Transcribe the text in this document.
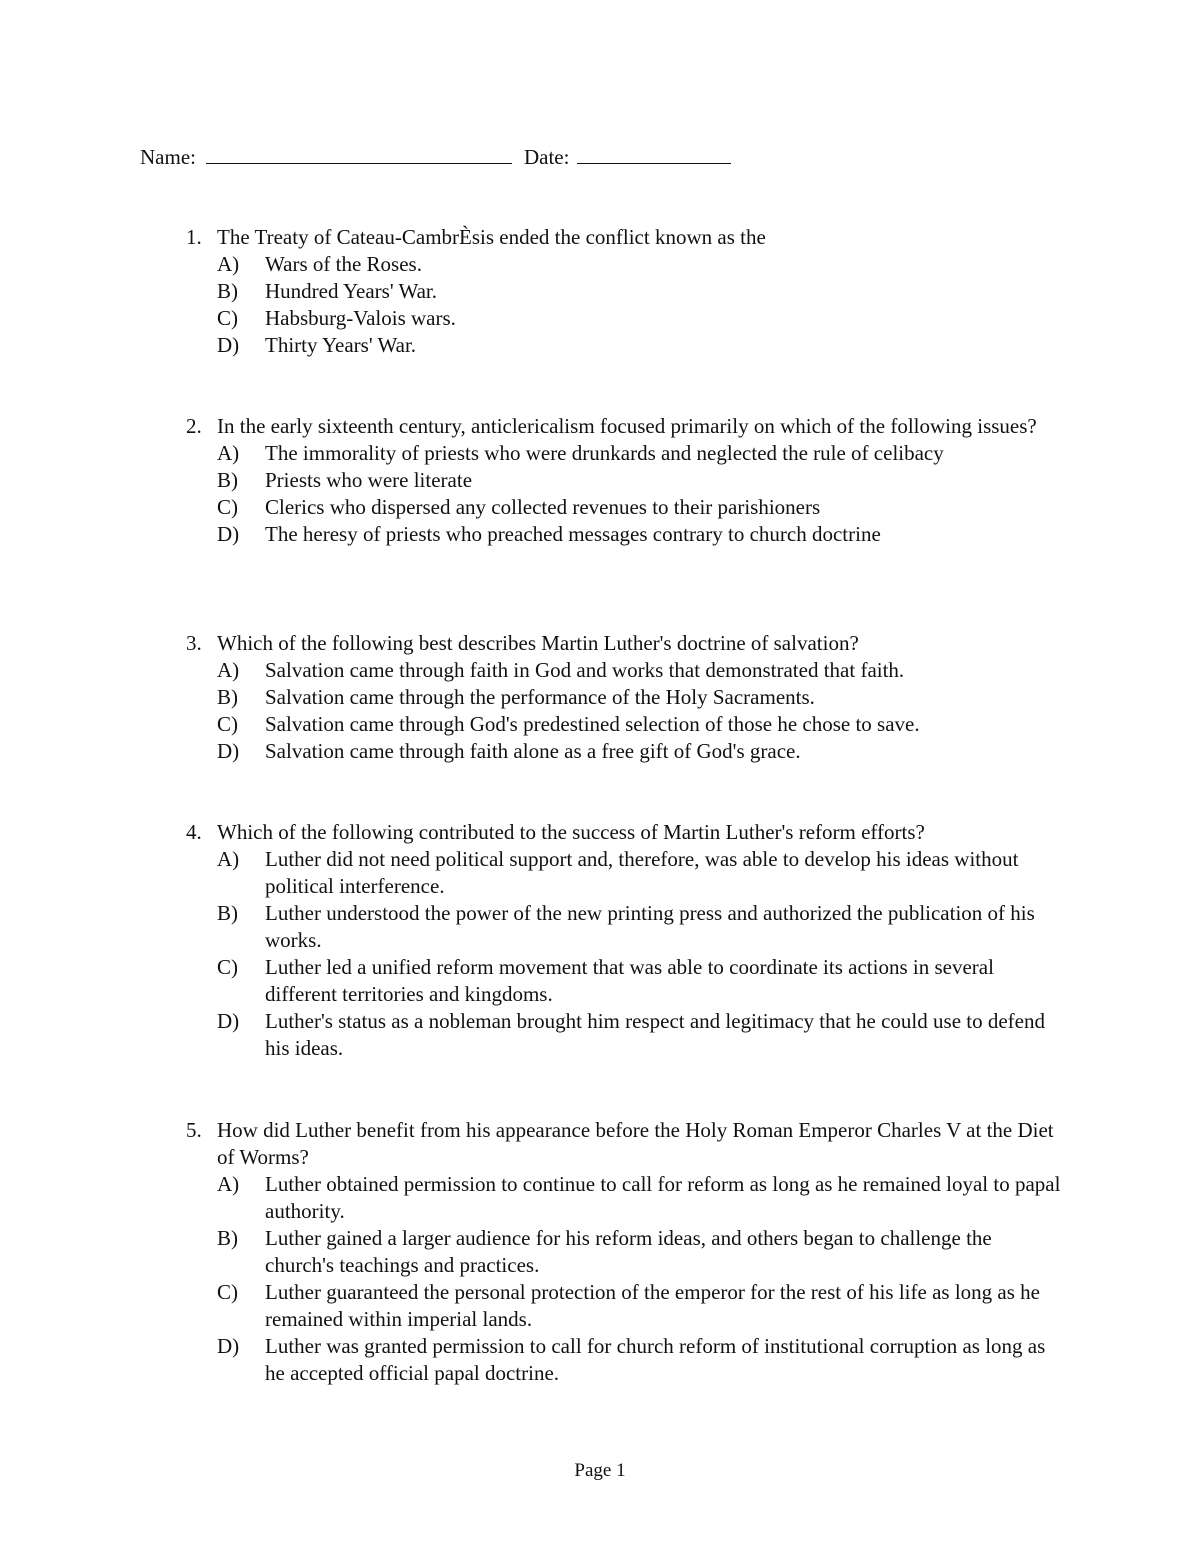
Name:	Date:
1. The Treaty of Cateau-CambrÈsis ended the conflict known as the
A) Wars of the Roses.
B) Hundred Years' War.
C) Habsburg-Valois wars.
D) Thirty Years' War.
2. In the early sixteenth century, anticlericalism focused primarily on which of the following issues?
A) The immorality of priests who were drunkards and neglected the rule of celibacy
B) Priests who were literate
C) Clerics who dispersed any collected revenues to their parishioners
D) The heresy of priests who preached messages contrary to church doctrine
3. Which of the following best describes Martin Luther's doctrine of salvation?
A) Salvation came through faith in God and works that demonstrated that faith.
B) Salvation came through the performance of the Holy Sacraments.
C) Salvation came through God's predestined selection of those he chose to save.
D) Salvation came through faith alone as a free gift of God's grace.
4. Which of the following contributed to the success of Martin Luther's reform efforts?
A) Luther did not need political support and, therefore, was able to develop his ideas without political interference.
B) Luther understood the power of the new printing press and authorized the publication of his works.
C) Luther led a unified reform movement that was able to coordinate its actions in several different territories and kingdoms.
D) Luther's status as a nobleman brought him respect and legitimacy that he could use to defend his ideas.
5. How did Luther benefit from his appearance before the Holy Roman Emperor Charles V at the Diet of Worms?
A) Luther obtained permission to continue to call for reform as long as he remained loyal to papal authority.
B) Luther gained a larger audience for his reform ideas, and others began to challenge the church's teachings and practices.
C) Luther guaranteed the personal protection of the emperor for the rest of his life as long as he remained within imperial lands.
D) Luther was granted permission to call for church reform of institutional corruption as long as he accepted official papal doctrine.
Page 1
